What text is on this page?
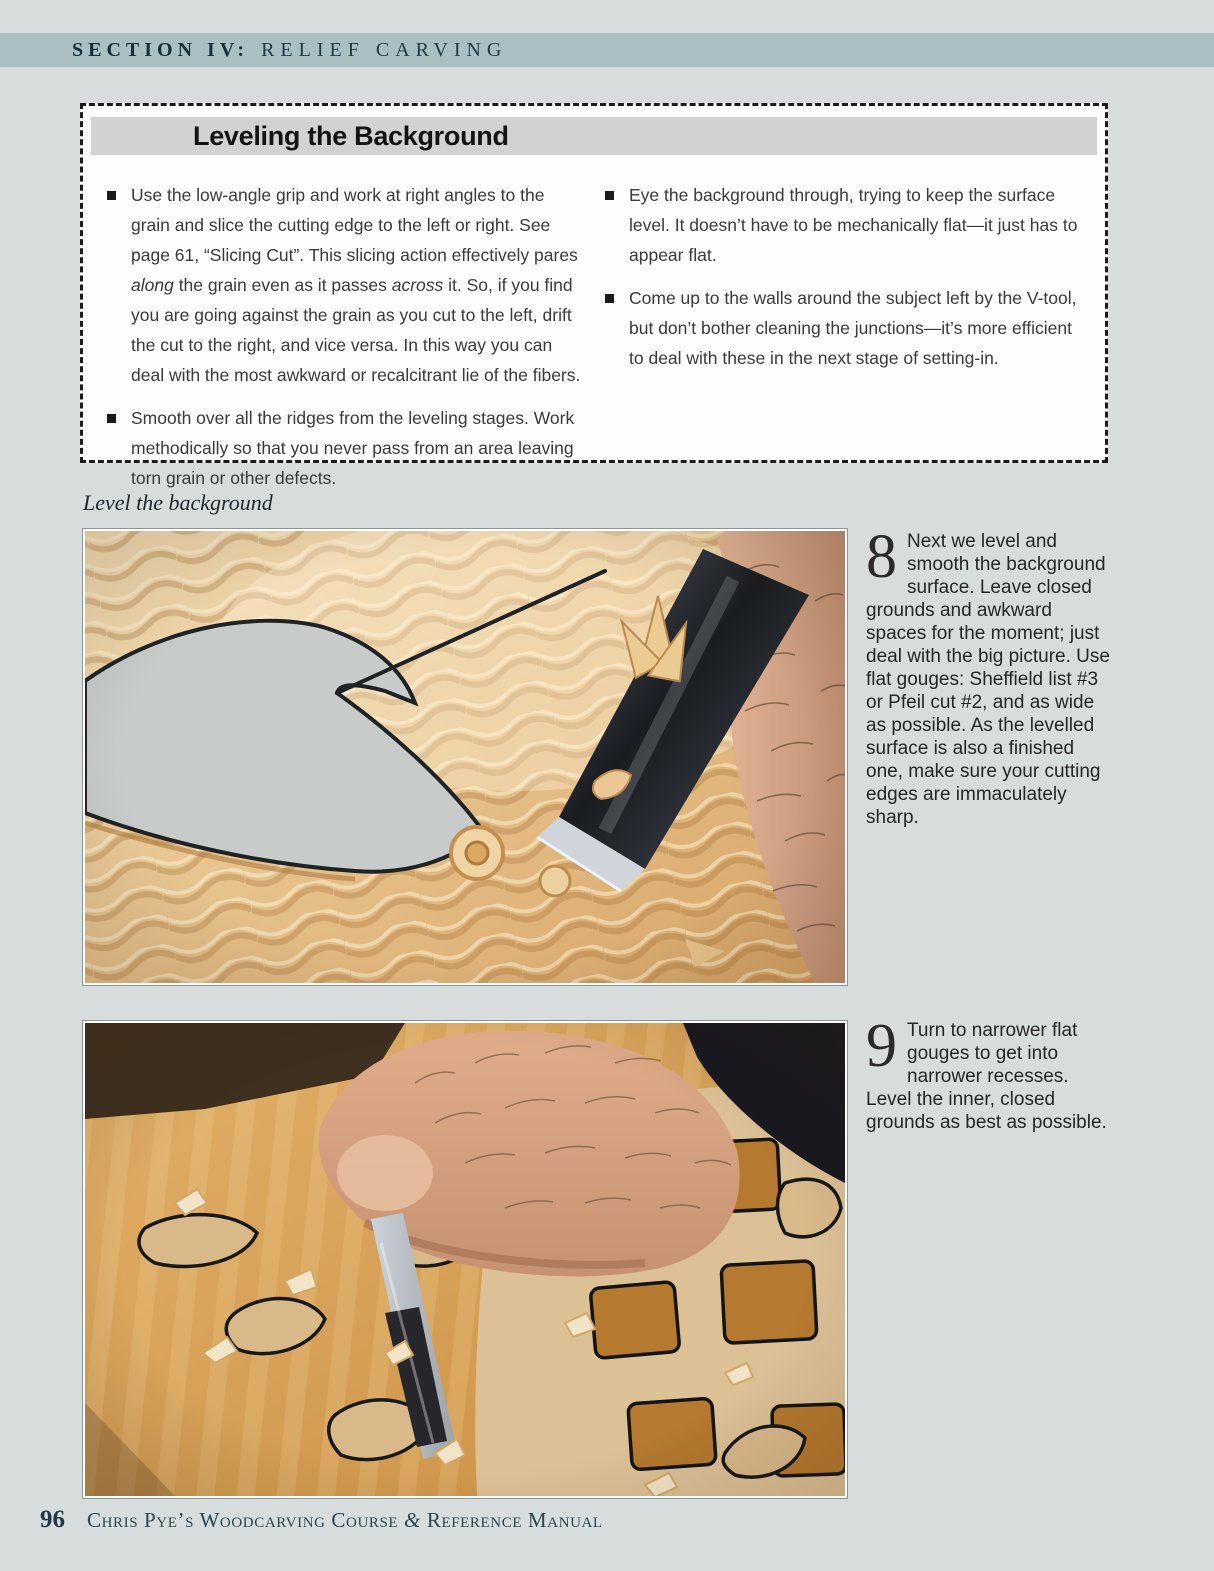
SECTION IV: RELIEF CARVING
Leveling the Background

Use the low-angle grip and work at right angles to the grain and slice the cutting edge to the left or right. See page 61, “Slicing Cut”. This slicing action effectively pares along the grain even as it passes across it. So, if you find you are going against the grain as you cut to the left, drift the cut to the right, and vice versa. In this way you can deal with the most awkward or recalcitrant lie of the fibers.

Smooth over all the ridges from the leveling stages. Work methodically so that you never pass from an area leaving torn grain or other defects.

Eye the background through, trying to keep the surface level. It doesn’t have to be mechanically flat—it just has to appear flat.

Come up to the walls around the subject left by the V-tool, but don’t bother cleaning the junctions—it’s more efficient to deal with these in the next stage of setting-in.

Level the background
8 Next we level and smooth the background surface. Leave closed grounds and awkward spaces for the moment; just deal with the big picture. Use flat gouges: Sheffield list #3 or Pfeil cut #2, and as wide as possible. As the levelled surface is also a finished one, make sure your cutting edges are immaculately sharp.

9 Turn to narrower flat gouges to get into narrower recesses. Level the inner, closed grounds as best as possible.

96 Chris Pye’s Woodcarving Course & Reference Manual
